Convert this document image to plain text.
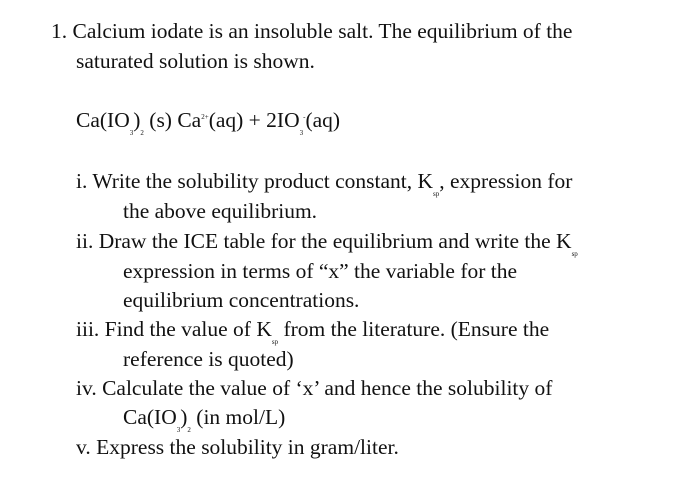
1. Calcium iodate is an insoluble salt. The equilibrium of the
saturated solution is shown.
$Ca(IO_3)_2$ (s) $Ca^{2+}(aq) + 2IO_3^-(aq)$
i. Write the solubility product constant, $K_{sp}$, expression for
the above equilibrium.
ii. Draw the ICE table for the equilibrium and write the $K_{sp}$
expression in terms of “x” the variable for the
equilibrium concentrations.
iii. Find the value of $K_{sp}$ from the literature. (Ensure the
reference is quoted)
iv. Calculate the value of ‘x’ and hence the solubility of
$Ca(IO_3)_2$ (in mol/L)
v. Express the solubility in gram/liter.
